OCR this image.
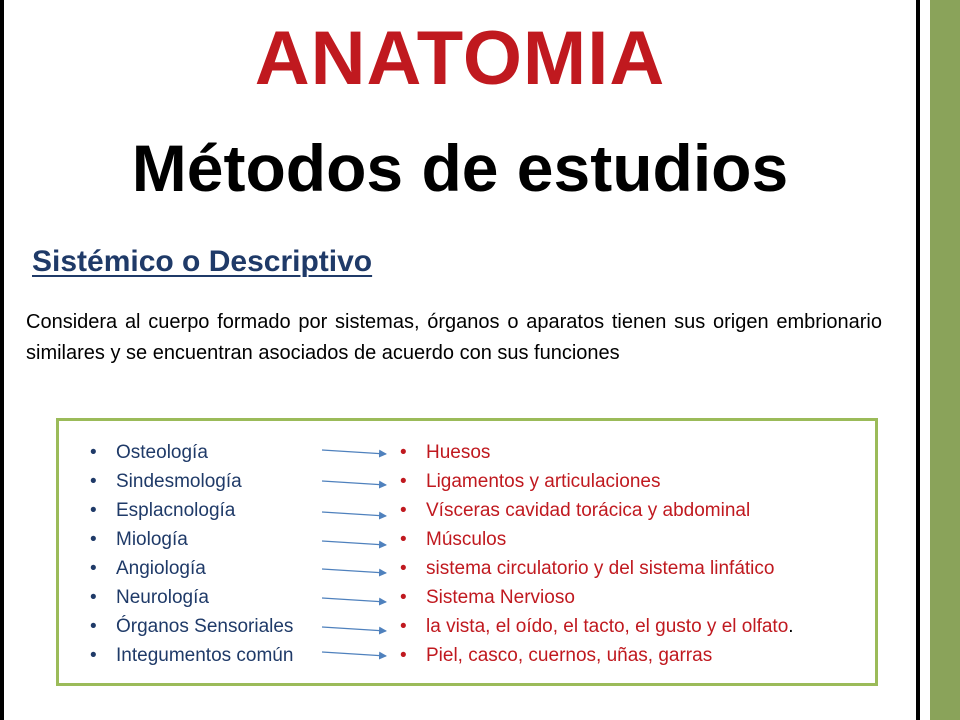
ANATOMIA
Métodos de estudios
Sistémico o Descriptivo
Considera al cuerpo formado por sistemas, órganos o aparatos tienen sus origen embrionario similares y se encuentran asociados de acuerdo con sus funciones
• Osteología
• Sindesmología
• Esplacnología
• Miología
• Angiología
• Neurología
• Órganos Sensoriales
• Integumentos común
• Huesos
• Ligamentos y articulaciones
• Vísceras cavidad torácica y abdominal
• Músculos
• sistema circulatorio y del sistema linfático
• Sistema Nervioso
• la vista, el oído, el tacto, el gusto y el olfato.
• Piel, casco, cuernos, uñas, garras
